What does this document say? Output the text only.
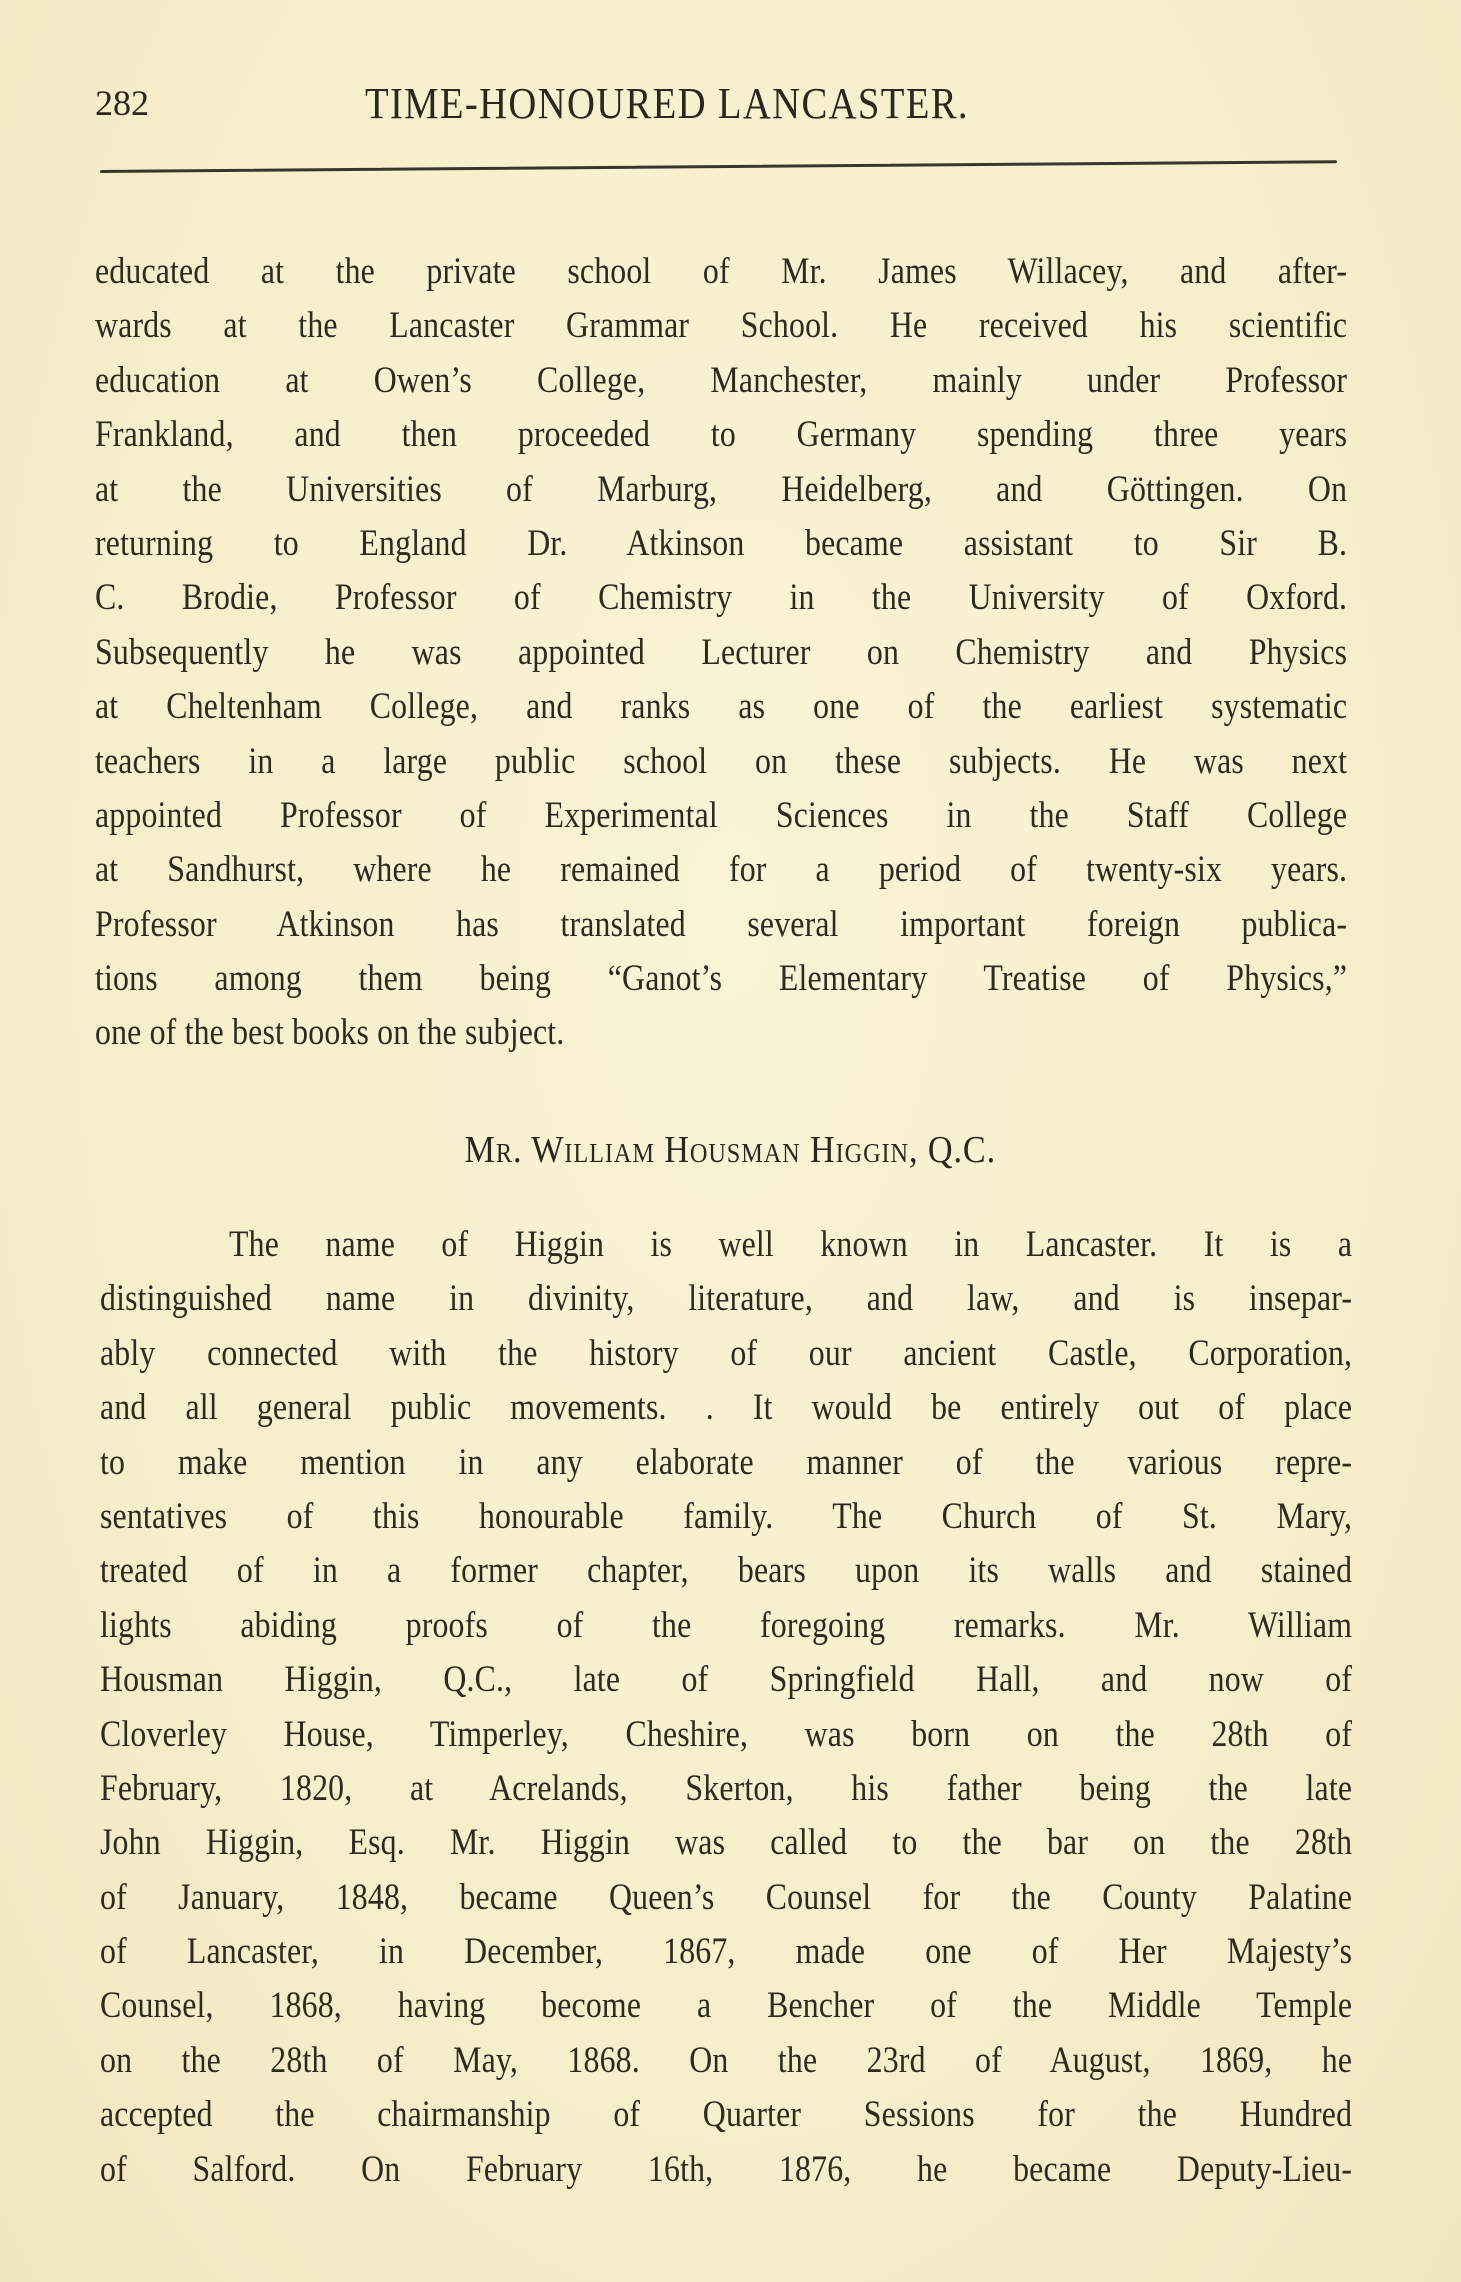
282	TIME-HONOURED LANCASTER.
educated at the private school of Mr. James Willacey, and after-
wards at the Lancaster Grammar School. He received his scientific
education at Owen’s College, Manchester, mainly under Professor
Frankland, and then proceeded to Germany spending three years
at the Universities of Marburg, Heidelberg, and Göttingen. On
returning to England Dr. Atkinson became assistant to Sir B.
C. Brodie, Professor of Chemistry in the University of Oxford.
Subsequently he was appointed Lecturer on Chemistry and Physics
at Cheltenham College, and ranks as one of the earliest systematic
teachers in a large public school on these subjects. He was next
appointed Professor of Experimental Sciences in the Staff College
at Sandhurst, where he remained for a period of twenty-six years.
Professor Atkinson has translated several important foreign publica-
tions among them being “Ganot’s Elementary Treatise of Physics,”
one of the best books on the subject.
Mr. William Housman Higgin, Q.C.
The name of Higgin is well known in Lancaster. It is a
distinguished name in divinity, literature, and law, and is insepar-
ably connected with the history of our ancient Castle, Corporation,
and all general public movements. . It would be entirely out of place
to make mention in any elaborate manner of the various repre-
sentatives of this honourable family. The Church of St. Mary,
treated of in a former chapter, bears upon its walls and stained
lights abiding proofs of the foregoing remarks. Mr. William
Housman Higgin, Q.C., late of Springfield Hall, and now of
Cloverley House, Timperley, Cheshire, was born on the 28th of
February, 1820, at Acrelands, Skerton, his father being the late
John Higgin, Esq. Mr. Higgin was called to the bar on the 28th
of January, 1848, became Queen’s Counsel for the County Palatine
of Lancaster, in December, 1867, made one of Her Majesty’s
Counsel, 1868, having become a Bencher of the Middle Temple
on the 28th of May, 1868. On the 23rd of August, 1869, he
accepted the chairmanship of Quarter Sessions for the Hundred
of Salford. On February 16th, 1876, he became Deputy-Lieu-
